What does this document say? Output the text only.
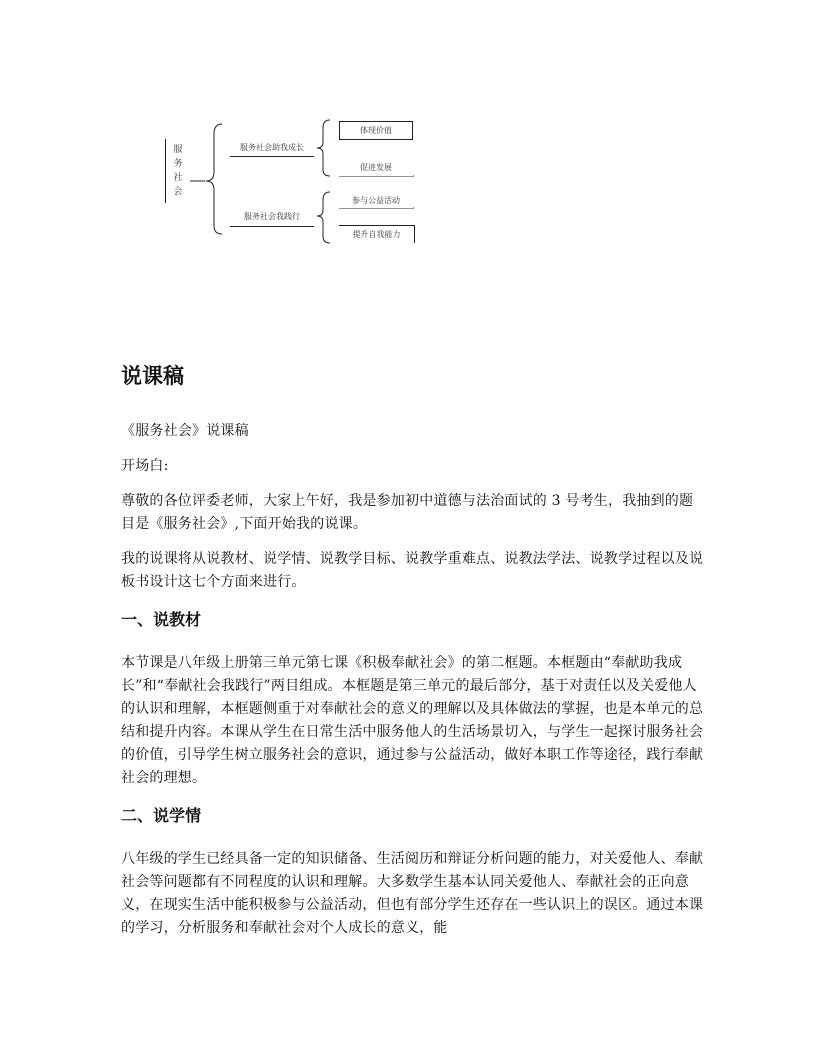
服
务
社
会
服务社会助我成长
服务社会我践行
体现价值
促进发展
参与公益活动
提升自我能力
说课稿

《服务社会》说课稿

开场白:

尊敬的各位评委老师，大家上午好，我是参加初中道德与法治面试的 3 号考生，我抽到的题目是《服务社会》,下面开始我的说课。

我的说课将从说教材、说学情、说教学目标、说教学重难点、说教法学法、说教学过程以及说板书设计这七个方面来进行。

一、说教材

本节课是八年级上册第三单元第七课《积极奉献社会》的第二框题。本框题由“奉献助我成长”和“奉献社会我践行”两目组成。本框题是第三单元的最后部分，基于对责任以及关爱他人的认识和理解，本框题侧重于对奉献社会的意义的理解以及具体做法的掌握，也是本单元的总结和提升内容。本课从学生在日常生活中服务他人的生活场景切入，与学生一起探讨服务社会的价值，引导学生树立服务社会的意识，通过参与公益活动，做好本职工作等途径，践行奉献社会的理想。

二、说学情

八年级的学生已经具备一定的知识储备、生活阅历和辩证分析问题的能力，对关爱他人、奉献社会等问题都有不同程度的认识和理解。大多数学生基本认同关爱他人、奉献社会的正向意义，在现实生活中能积极参与公益活动，但也有部分学生还存在一些认识上的误区。通过本课的学习，分析服务和奉献社会对个人成长的意义，能
